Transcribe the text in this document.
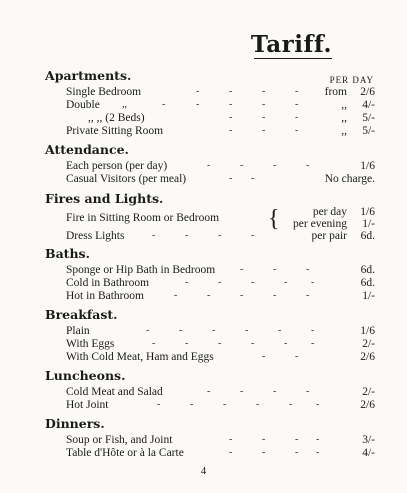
Tariff.
PER DAY
Apartments.
Single Bedroom	-	-	-	- from 2/6
Double ,,	-	-	-	-	-	,, 4/-
,, ,, (2 Beds)	-	-	-	,, 5/-
Private Sitting Room	-	-	-	,, 5/-
Attendance.
Each person (per day)	-	-	-	-	1/6
Casual Visitors (per meal)	- -	No charge.
Fires and Lights.
{	per day 1/6
Fire in Sitting Room or Bedroom	per evening 1/-
Dress Lights	-	-	-	-	per pair 6d.
Baths.
Sponge or Hip Bath in Bedroom -	-	-	6d.
Cold in Bathroom	-	-	-	- -	6d.
Hot in Bathroom	-	-	-	-	-	1/-
Breakfast.
Plain	-	-	-	-	-	-	1/6
With Eggs	-	-	-	-	- -	2/-
With Cold Meat, Ham and Eggs	-	-	2/6
Luncheons.
Cold Meat and Salad	-	-	-	-	2/-
Hot Joint	-	-	-	-	- -	2/6
Dinners.
Soup or Fish, and Joint	-	-	- -	3/-
Table d'Hôte or à la Carte	-	-	- -	4/-
4
